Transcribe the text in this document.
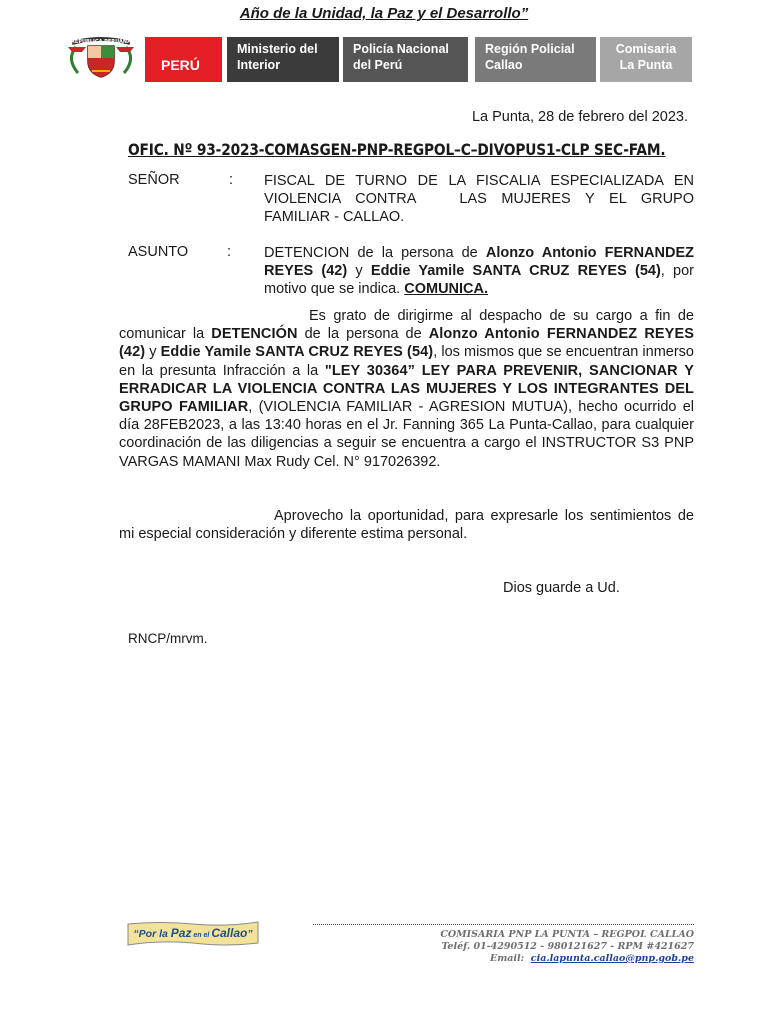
Año de la Unidad, la Paz y el Desarrollo”
REPUBLICA PERUANA
PERÚ
Ministerio del
Interior
Policía Nacional
del Perú
Región Policial
Callao
Comisaria
La Punta
La Punta, 28 de febrero del 2023.
OFIC. Nº 93-2023-COMASGEN-PNP-REGPOL–C–DIVOPUS1-CLP SEC-FAM.
SEÑOR	: FISCAL DE TURNO DE LA FISCALIA ESPECIALIZADA EN
VIOLENCIA CONTRA   LAS MUJERES Y EL GRUPO
FAMILIAR - CALLAO.
ASUNTO	: DETENCION de la persona de Alonzo Antonio FERNANDEZ REYES (42) y Eddie Yamile SANTA CRUZ REYES (54), por motivo que se indica. COMUNICA.
Es grato de dirigirme al despacho de su cargo a fin de comunicar la DETENCIÓN de la persona de Alonzo Antonio FERNANDEZ REYES (42) y Eddie Yamile SANTA CRUZ REYES (54), los mismos que se encuentran inmerso en la presunta Infracción a la "LEY 30364” LEY PARA PREVENIR, SANCIONAR Y ERRADICAR LA VIOLENCIA CONTRA LAS MUJERES Y LOS INTEGRANTES DEL GRUPO FAMILIAR, (VIOLENCIA FAMILIAR - AGRESION MUTUA), hecho ocurrido el día 28FEB2023, a las 13:40 horas en el Jr. Fanning 365 La Punta-Callao, para cualquier coordinación de las diligencias a seguir se encuentra a cargo el INSTRUCTOR S3 PNP VARGAS MAMANI Max Rudy Cel. N° 917026392.
Aprovecho la oportunidad, para expresarle los sentimientos de mi especial consideración y diferente estima personal.
Dios guarde a Ud.
RNCP/mrvm.
“Por la Paz en el Callao”	COMISARIA PNP LA PUNTA – REGPOL CALLAO
Teléf. 01-4290512 - 980121627 - RPM #421627
Email: cia.lapunta.callao@pnp.gob.pe
